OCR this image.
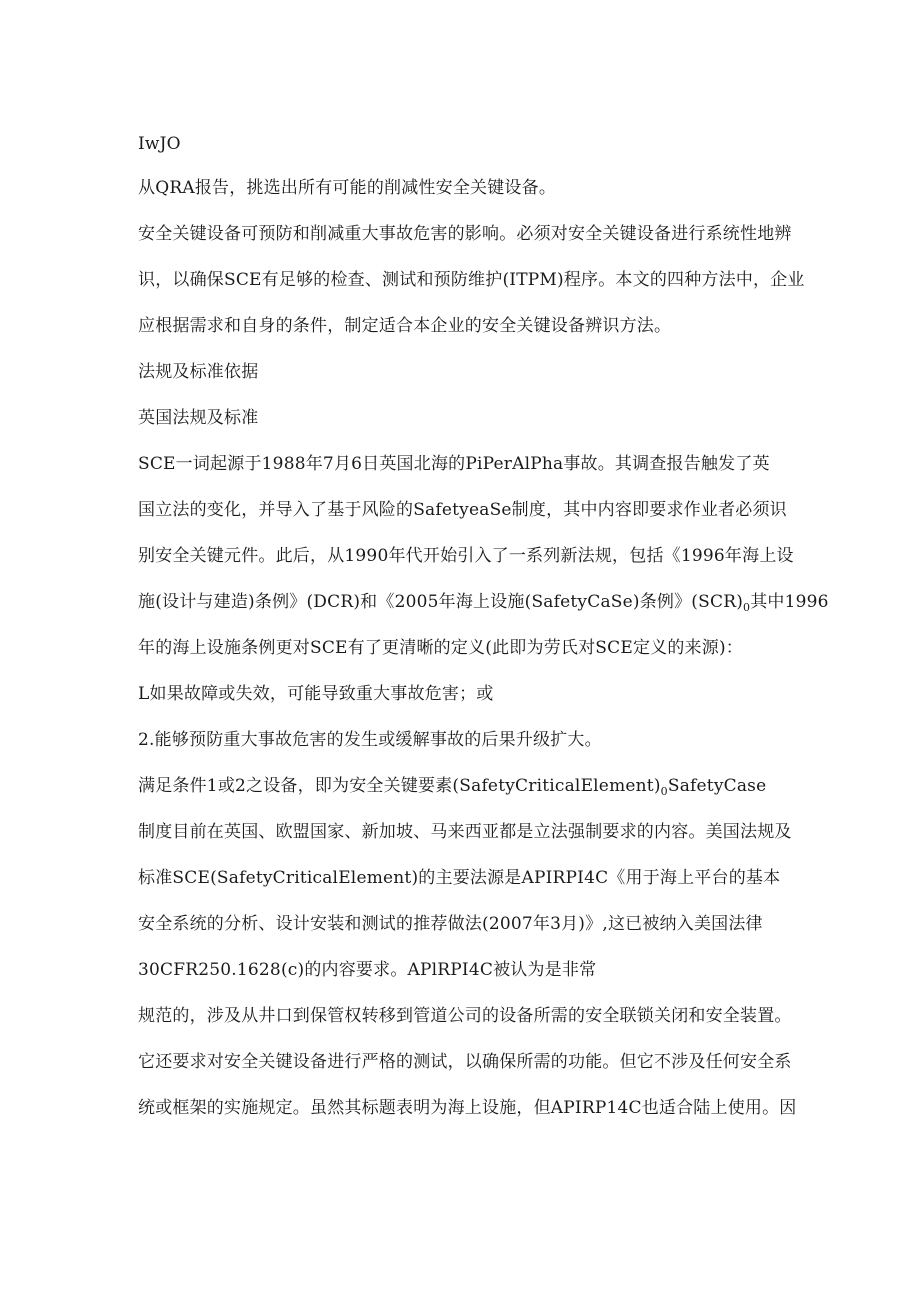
IwJO
从QRA报告，挑选出所有可能的削减性安全关键设备。
安全关键设备可预防和削减重大事故危害的影响。必须对安全关键设备进行系统性地辨
识，以确保SCE有足够的检查、测试和预防维护(ITPM)程序。本文的四种方法中，企业
应根据需求和自身的条件，制定适合本企业的安全关键设备辨识方法。
法规及标准依据
英国法规及标准
SCE一词起源于1988年7月6日英国北海的PiPerAlPha事故。其调查报告触发了英
国立法的变化，并导入了基于风险的SafetyeaSe制度，其中内容即要求作业者必须识
别安全关键元件。此后，从1990年代开始引入了一系列新法规，包括《1996年海上设
施(设计与建造)条例》(DCR)和《2005年海上设施(SafetyCaSe)条例》$(SCR)_0$其中1996
年的海上设施条例更对SCE有了更清晰的定义(此即为劳氏对SCE定义的来源)：
L如果故障或失效，可能导致重大事故危害；或
2.能够预防重大事故危害的发生或缓解事故的后果升级扩大。
满足条件1或2之设备，即为安全关键要素$(SafetyCriticalElement)_0SafetyCase$
制度目前在英国、欧盟国家、新加坡、马来西亚都是立法强制要求的内容。美国法规及
标准SCE(SafetyCriticalElement)的主要法源是APIRPI4C《用于海上平台的基本
安全系统的分析、设计安装和测试的推荐做法(2007年3月)》,这已被纳入美国法律
30CFR250.1628(c)的内容要求。APlRPI4C被认为是非常
规范的，涉及从井口到保管权转移到管道公司的设备所需的安全联锁关闭和安全装置。
它还要求对安全关键设备进行严格的测试，以确保所需的功能。但它不涉及任何安全系
统或框架的实施规定。虽然其标题表明为海上设施，但APIRP14C也适合陆上使用。因
